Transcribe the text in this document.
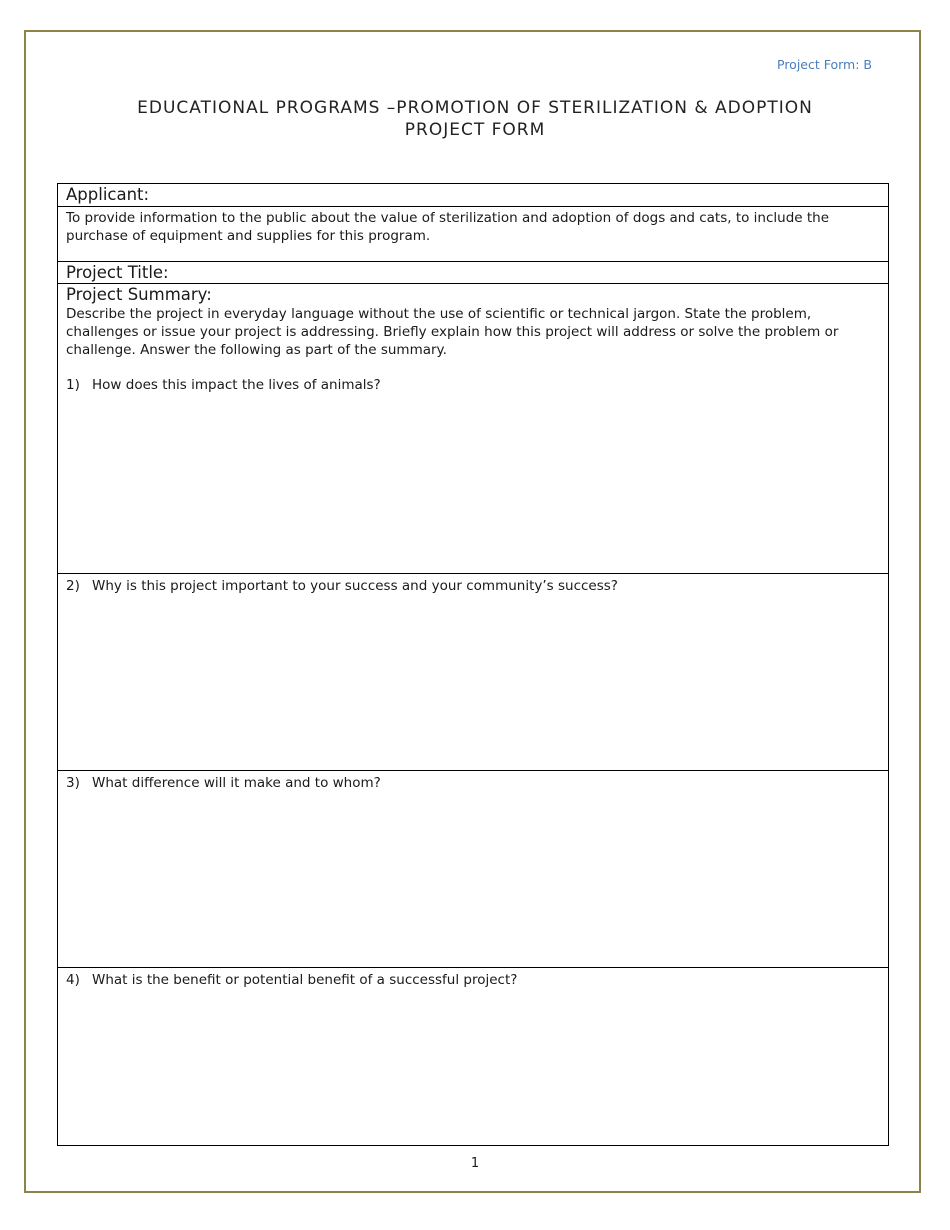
Project Form: B
EDUCATIONAL PROGRAMS –PROMOTION OF STERILIZATION & ADOPTION
PROJECT FORM
Applicant:
To provide information to the public about the value of sterilization and adoption of dogs and cats, to include the purchase of equipment and supplies for this program.
Project Title:
Project Summary:
Describe the project in everyday language without the use of scientific or technical jargon. State the problem, challenges or issue your project is addressing. Briefly explain how this project will address or solve the problem or challenge. Answer the following as part of the summary.
1) How does this impact the lives of animals?
2) Why is this project important to your success and your community’s success?
3) What difference will it make and to whom?
4) What is the benefit or potential benefit of a successful project?
1
